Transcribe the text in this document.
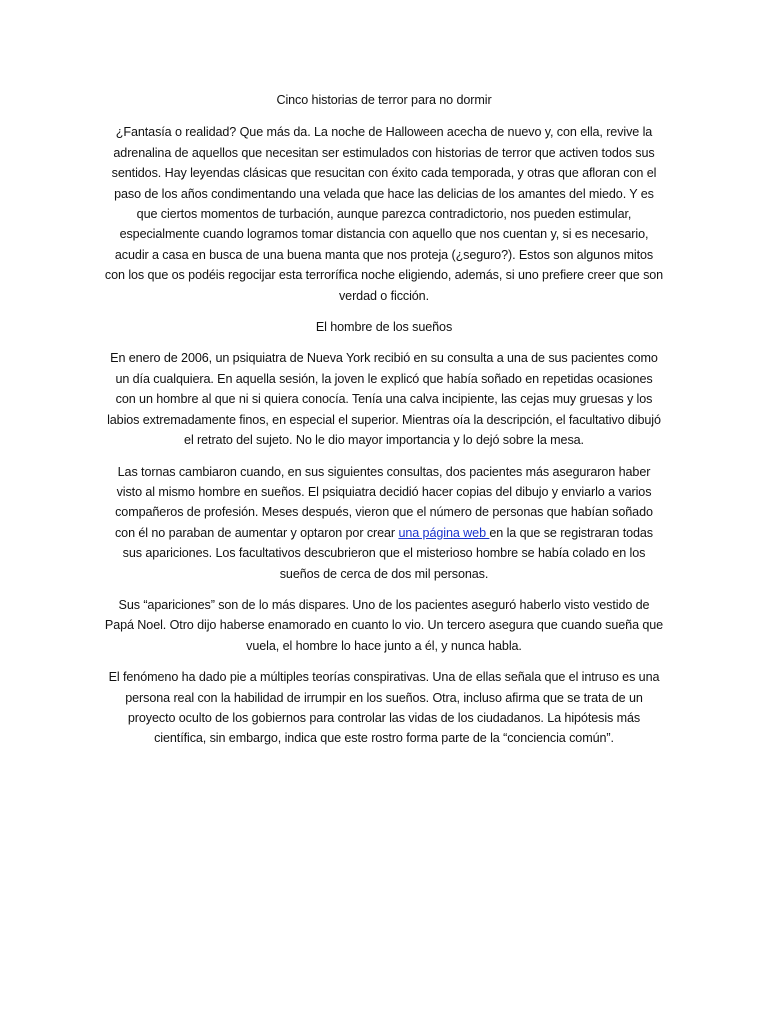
Cinco historias de terror para no dormir

¿Fantasía o realidad? Que más da. La noche de Halloween acecha de nuevo y, con ella, revive la adrenalina de aquellos que necesitan ser estimulados con historias de terror que activen todos sus sentidos. Hay leyendas clásicas que resucitan con éxito cada temporada, y otras que afloran con el paso de los años condimentando una velada que hace las delicias de los amantes del miedo. Y es que ciertos momentos de turbación, aunque parezca contradictorio, nos pueden estimular, especialmente cuando logramos tomar distancia con aquello que nos cuentan y, si es necesario, acudir a casa en busca de una buena manta que nos proteja (¿seguro?). Estos son algunos mitos con los que os podéis regocijar esta terrorífica noche eligiendo, además, si uno prefiere creer que son verdad o ficción.

El hombre de los sueños

En enero de 2006, un psiquiatra de Nueva York recibió en su consulta a una de sus pacientes como un día cualquiera. En aquella sesión, la joven le explicó que había soñado en repetidas ocasiones con un hombre al que ni si quiera conocía. Tenía una calva incipiente, las cejas muy gruesas y los labios extremadamente finos, en especial el superior. Mientras oía la descripción, el facultativo dibujó el retrato del sujeto. No le dio mayor importancia y lo dejó sobre la mesa.

Las tornas cambiaron cuando, en sus siguientes consultas, dos pacientes más aseguraron haber visto al mismo hombre en sueños. El psiquiatra decidió hacer copias del dibujo y enviarlo a varios compañeros de profesión. Meses después, vieron que el número de personas que habían soñado con él no paraban de aumentar y optaron por crear una página web en la que se registraran todas sus apariciones. Los facultativos descubrieron que el misterioso hombre se había colado en los sueños de cerca de dos mil personas.

Sus “apariciones” son de lo más dispares. Uno de los pacientes aseguró haberlo visto vestido de Papá Noel. Otro dijo haberse enamorado en cuanto lo vio. Un tercero asegura que cuando sueña que vuela, el hombre lo hace junto a él, y nunca habla.

El fenómeno ha dado pie a múltiples teorías conspirativas. Una de ellas señala que el intruso es una persona real con la habilidad de irrumpir en los sueños. Otra, incluso afirma que se trata de un proyecto oculto de los gobiernos para controlar las vidas de los ciudadanos. La hipótesis más científica, sin embargo, indica que este rostro forma parte de la “conciencia común”.
